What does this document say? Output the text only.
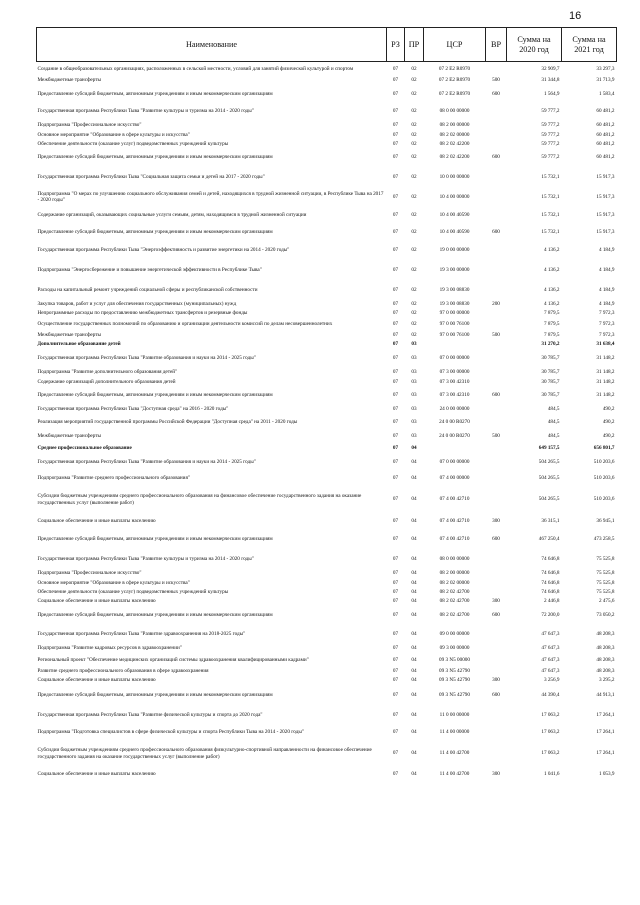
16
Наименование	РЗ	ПР	ЦСР	ВР	Сумма на 2020 год	Сумма на 2021 год
Создание в общеобразовательных организациях, расположенных в сельской местности, условий для занятий физической культурой и спортом	07	02	07 2 E2 R0970		32 909,7	33 297,3
Межбюджетные трансферты	07	02	07 2 E2 R0970	500	31 344,8	31 713,9
Предоставление субсидий бюджетным, автономным учреждениям и иным некоммерческим организациям	07	02	07 2 E2 R0970	600	1 564,9	1 583,4
Государственная программа Республики Тыва "Развитие культуры и туризма на 2014 - 2020 годы"	07	02	08 0 00 00000		59 777,2	60 481,2
Подпрограмма "Профессиональное искусство"	07	02	08 2 00 00000		59 777,2	60 481,2
Основное мероприятие "Образование в сфере культуры и искусства"	07	02	08 2 02 00000		59 777,2	60 481,2
Обеспечение деятельности (оказание услуг) подведомственных учреждений культуры	07	02	08 2 02 42200		59 777,2	60 481,2
Предоставление субсидий бюджетным, автономным учреждениям и иным некоммерческим организациям	07	02	08 2 02 42200	600	59 777,2	60 481,2
Государственная программа Республики Тыва "Социальная защита семьи и детей на 2017 - 2020 годы"	07	02	10 0 00 00000		15 732,1	15 917,3
Подпрограмма "О мерах по улучшению социального обслуживания семей и детей, находящихся в трудной жизненной ситуации, в Республике Тыва на 2017 - 2020 годы"	07	02	10 4 00 00000		15 732,1	15 917,3
Содержание организаций, оказывающих социальные услуги семьям, детям, находящимся в трудной жизненной ситуации	07	02	10 4 00 40590		15 732,1	15 917,3
Предоставление субсидий бюджетным, автономным учреждениям и иным некоммерческим организациям	07	02	10 4 00 40590	600	15 732,1	15 917,3
Государственная программа Республики Тыва "Энергоэффективность и развитие энергетики на 2014 - 2020 годы"	07	02	19 0 00 00000		4 136,2	4 184,9
Подпрограмма "Энергосбережение и повышение энергетической эффективности в Республике Тыва"	07	02	19 3 00 00000		4 136,2	4 184,9
Расходы на капитальный ремонт учреждений социальной сферы и республиканской собственности	07	02	19 3 00 08830		4 136,2	4 184,9
Закупка товаров, работ и услуг для обеспечения государственных (муниципальных) нужд	07	02	19 3 00 08830	200	4 136,2	4 184,9
Непрограммные расходы по предоставлению межбюджетных трансфертов и резервные фонды	07	02	97 0 00 00000		7 879,5	7 972,3
Осуществление государственных полномочий по образованию и организации деятельности комиссий по делам несовершеннолетних	07	02	97 0 00 76100		7 879,5	7 972,3
Межбюджетные трансферты	07	02	97 0 00 76100	500	7 879,5	7 972,3
Дополнительное образование детей	07	03			31 270,2	31 638,4
Государственная программа Республики Тыва "Развитие образования и науки на 2014 - 2025 годы"	07	03	07 0 00 00000		30 785,7	31 148,2
Подпрограмма "Развитие дополнительного образования детей"	07	03	07 3 00 00000		30 785,7	31 148,2
Содержание организаций дополнительного образования детей	07	03	07 3 00 42310		30 785,7	31 148,2
Предоставление субсидий бюджетным, автономным учреждениям и иным некоммерческим организациям	07	03	07 3 00 42310	600	30 785,7	31 148,2
Государственная программа Республики Тыва "Доступная среда" на 2016 - 2020 годы"	07	03	24 0 00 00000		484,5	490,2
Реализация мероприятий государственной программы Российской Федерации "Доступная среда" на 2011 - 2020 годы	07	03	24 0 00 R0270		484,5	490,2
Межбюджетные трансферты	07	03	24 0 00 R0270	500	484,5	490,2
Среднее профессиональное образование	07	04			649 157,5	656 801,7
Государственная программа Республики Тыва "Развитие образования и науки на 2014 - 2025 годы"	07	04	07 0 00 00000		504 265,5	510 203,6
Подпрограмма "Развитие среднего профессионального образования"	07	04	07 4 00 00000		504 265,5	510 203,6
Субсидии бюджетным учреждениям среднего профессионального образования на финансовое обеспечение государственного задания на оказание государственных услуг (выполнение работ)	07	04	07 4 00 42710		504 265,5	510 203,6
Социальное обеспечение и иные выплаты населению	07	04	07 4 00 42710	300	36 315,1	36 945,1
Предоставление субсидий бюджетным, автономным учреждениям и иным некоммерческим организациям	07	04	07 4 00 42710	600	467 250,4	473 258,5
Государственная программа Республики Тыва "Развитие культуры и туризма на 2014 - 2020 годы"	07	04	08 0 00 00000		74 646,8	75 525,8
Подпрограмма "Профессиональное искусство"	07	04	08 2 00 00000		74 646,8	75 525,8
Основное мероприятие "Образование в сфере культуры и искусства"	07	04	08 2 02 00000		74 646,8	75 525,8
Обеспечение деятельности (оказание услуг) подведомственных учреждений культуры	07	04	08 2 02 42700		74 646,8	75 525,8
Социальное обеспечение и иные выплаты населению	07	04	08 2 02 42700	300	2 446,8	2 475,6
Предоставление субсидий бюджетным, автономным учреждениям и иным некоммерческим организациям	07	04	08 2 02 42700	600	72 200,0	73 050,2
Государственная программа Республики Тыва "Развитие здравоохранения на 2018-2025 годы"	07	04	09 0 00 00000		47 647,3	48 208,3
Подпрограмма "Развитие кадровых ресурсов в здравоохранении"	07	04	09 3 00 00000		47 647,3	48 208,3
Региональный проект "Обеспечение медицинских организаций системы здравоохранения квалифицированными кадрами"	07	04	09 3 N5 00000		47 647,3	48 208,3
Развитие среднего профессионального образования в сфере здравоохранения	07	04	09 3 N5 42790		47 647,3	48 208,3
Социальное обеспечение и иные выплаты населению	07	04	09 3 N5 42790	300	3 256,9	3 295,2
Предоставление субсидий бюджетным, автономным учреждениям и иным некоммерческим организациям	07	04	09 3 N5 42790	600	44 390,4	44 913,1
Государственная программа Республики Тыва "Развитие физической культуры и спорта до 2020 года"	07	04	11 0 00 00000		17 063,2	17 264,1
Подпрограмма "Подготовка специалистов в сфере физической культуры и спорта Республики Тыва на 2014 - 2020 годы"	07	04	11 4 00 00000		17 063,2	17 264,1
Субсидии бюджетным учреждениям среднего профессионального образования физкультурно-спортивной направленности на финансовое обеспечение государственного задания на оказание государственных услуг (выполнение работ)	07	04	11 4 00 42700		17 063,2	17 264,1
Социальное обеспечение и иные выплаты населению	07	04	11 4 00 42700	300	1 041,6	1 053,9
